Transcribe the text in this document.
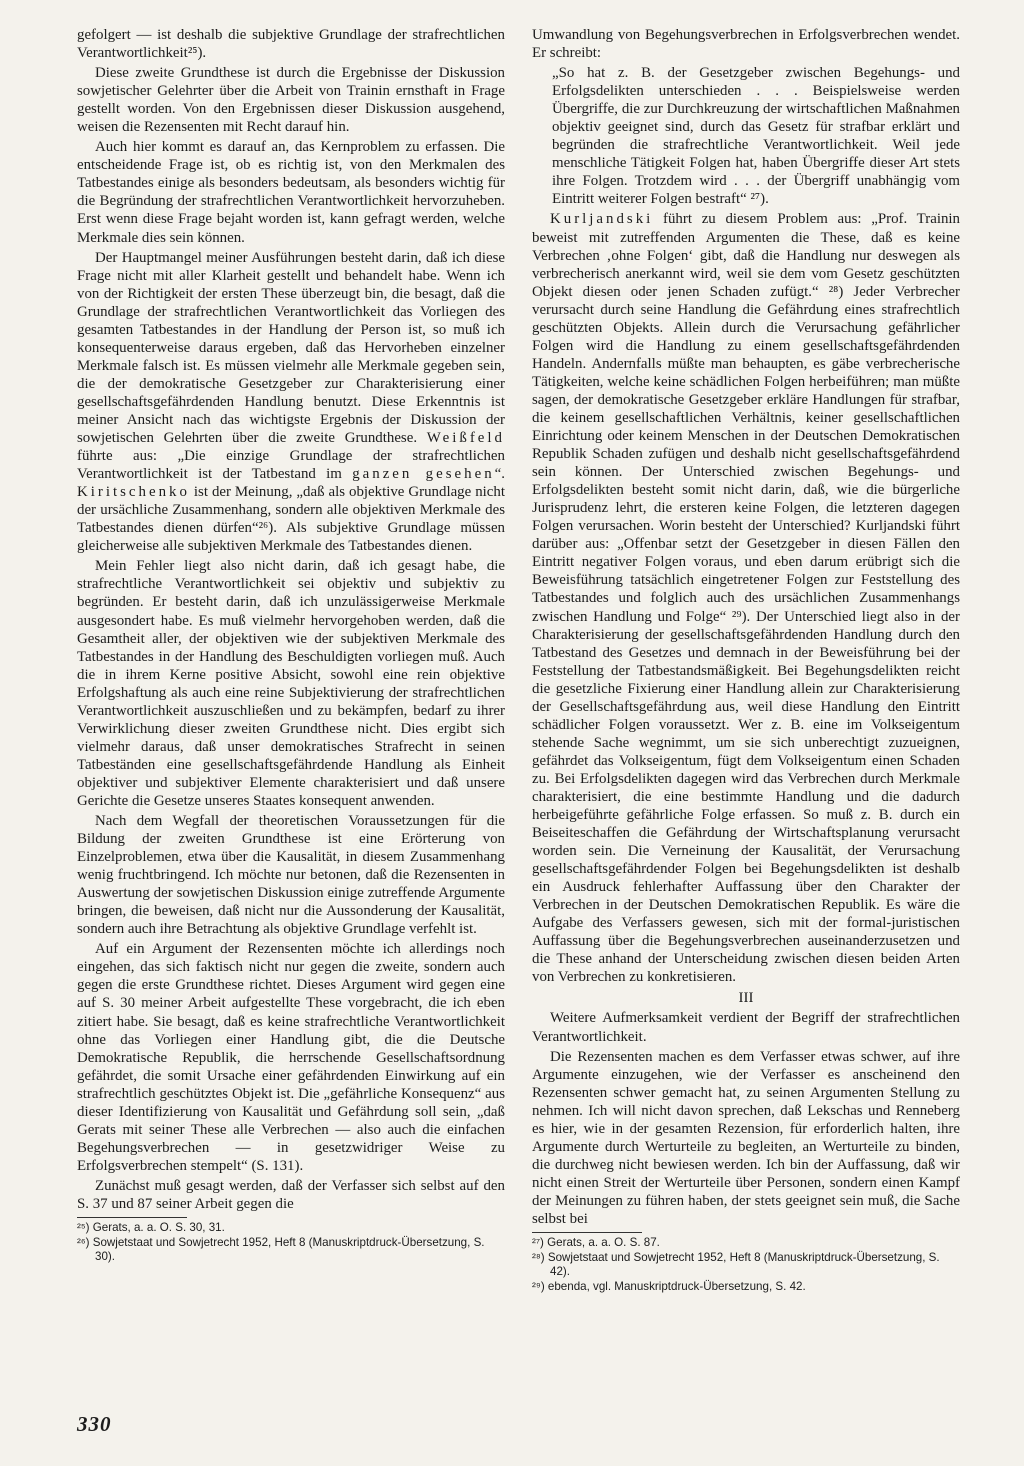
gefolgert — ist deshalb die subjektive Grundlage der strafrechtlichen Verantwortlichkeit²⁵).

Diese zweite Grundthese ist durch die Ergebnisse der Diskussion sowjetischer Gelehrter über die Arbeit von Trainin ernsthaft in Frage gestellt worden. Von den Ergebnissen dieser Diskussion ausgehend, weisen die Rezensenten mit Recht darauf hin.

Auch hier kommt es darauf an, das Kernproblem zu erfassen. Die entscheidende Frage ist, ob es richtig ist, von den Merkmalen des Tatbestandes einige als besonders bedeutsam, als besonders wichtig für die Begründung der strafrechtlichen Verantwortlichkeit hervorzuheben. Erst wenn diese Frage bejaht worden ist, kann gefragt werden, welche Merkmale dies sein können.

Der Hauptmangel meiner Ausführungen besteht darin, daß ich diese Frage nicht mit aller Klarheit gestellt und behandelt habe. Wenn ich von der Richtigkeit der ersten These überzeugt bin, die besagt, daß die Grundlage der strafrechtlichen Verantwortlichkeit das Vorliegen des gesamten Tatbestandes in der Handlung der Person ist, so muß ich konsequenterweise daraus ergeben, daß das Hervorheben einzelner Merkmale falsch ist. Es müssen vielmehr alle Merkmale gegeben sein, die der demokratische Gesetzgeber zur Charakterisierung einer gesellschaftsgefährdenden Handlung benutzt. Diese Erkenntnis ist meiner Ansicht nach das wichtigste Ergebnis der Diskussion der sowjetischen Gelehrten über die zweite Grundthese. Weißfeld führte aus: „Die einzige Grundlage der strafrechtlichen Verantwortlichkeit ist der Tatbestand im ganzen gesehen“. Kiritschenko ist der Meinung, „daß als objektive Grundlage nicht der ursächliche Zusammenhang, sondern alle objektiven Merkmale des Tatbestandes dienen dürfen“²⁶). Als subjektive Grundlage müssen gleicherweise alle subjektiven Merkmale des Tatbestandes dienen.

Mein Fehler liegt also nicht darin, daß ich gesagt habe, die strafrechtliche Verantwortlichkeit sei objektiv und subjektiv zu begründen. Er besteht darin, daß ich unzulässigerweise Merkmale ausgesondert habe. Es muß vielmehr hervorgehoben werden, daß die Gesamtheit aller, der objektiven wie der subjektiven Merkmale des Tatbestandes in der Handlung des Beschuldigten vorliegen muß. Auch die in ihrem Kerne positive Absicht, sowohl eine rein objektive Erfolgshaftung als auch eine reine Subjektivierung der strafrechtlichen Verantwortlichkeit auszuschließen und zu bekämpfen, bedarf zu ihrer Verwirklichung dieser zweiten Grundthese nicht. Dies ergibt sich vielmehr daraus, daß unser demokratisches Strafrecht in seinen Tatbeständen eine gesellschaftsgefährdende Handlung als Einheit objektiver und subjektiver Elemente charakterisiert und daß unsere Gerichte die Gesetze unseres Staates konsequent anwenden.

Nach dem Wegfall der theoretischen Voraussetzungen für die Bildung der zweiten Grundthese ist eine Erörterung von Einzelproblemen, etwa über die Kausalität, in diesem Zusammenhang wenig fruchtbringend. Ich möchte nur betonen, daß die Rezensenten in Auswertung der sowjetischen Diskussion einige zutreffende Argumente bringen, die beweisen, daß nicht nur die Aussonderung der Kausalität, sondern auch ihre Betrachtung als objektive Grundlage verfehlt ist.

Auf ein Argument der Rezensenten möchte ich allerdings noch eingehen, das sich faktisch nicht nur gegen die zweite, sondern auch gegen die erste Grundthese richtet. Dieses Argument wird gegen eine auf S. 30 meiner Arbeit aufgestellte These vorgebracht, die ich eben zitiert habe. Sie besagt, daß es keine strafrechtliche Verantwortlichkeit ohne das Vorliegen einer Handlung gibt, die die Deutsche Demokratische Republik, die herrschende Gesellschaftsordnung gefährdet, die somit Ursache einer gefährdenden Einwirkung auf ein strafrechtlich geschütztes Objekt ist. Die „gefährliche Konsequenz“ aus dieser Identifizierung von Kausalität und Gefährdung soll sein, „daß Gerats mit seiner These alle Verbrechen — also auch die einfachen Begehungsverbrechen — in gesetzwidriger Weise zu Erfolgsverbrechen stempelt“ (S. 131).

Zunächst muß gesagt werden, daß der Verfasser sich selbst auf den S. 37 und 87 seiner Arbeit gegen die

²⁵) Gerats, a. a. O. S. 30, 31.
²⁶) Sowjetstaat und Sowjetrecht 1952, Heft 8 (Manuskriptdruck-Übersetzung, S. 30).

Umwandlung von Begehungsverbrechen in Erfolgsverbrechen wendet. Er schreibt:

„So hat z. B. der Gesetzgeber zwischen Begehungs- und Erfolgsdelikten unterschieden . . . Beispielsweise werden Übergriffe, die zur Durchkreuzung der wirtschaftlichen Maßnahmen objektiv geeignet sind, durch das Gesetz für strafbar erklärt und begründen die strafrechtliche Verantwortlichkeit. Weil jede menschliche Tätigkeit Folgen hat, haben Übergriffe dieser Art stets ihre Folgen. Trotzdem wird . . . der Übergriff unabhängig vom Eintritt weiterer Folgen bestraft“ ²⁷).

Kurljandski führt zu diesem Problem aus: „Prof. Trainin beweist mit zutreffenden Argumenten die These, daß es keine Verbrechen ‚ohne Folgen‘ gibt, daß die Handlung nur deswegen als verbrecherisch anerkannt wird, weil sie dem vom Gesetz geschützten Objekt diesen oder jenen Schaden zufügt.“ ²⁸) Jeder Verbrecher verursacht durch seine Handlung die Gefährdung eines strafrechtlich geschützten Objekts. Allein durch die Verursachung gefährlicher Folgen wird die Handlung zu einem gesellschaftsgefährdenden Handeln. Andernfalls müßte man behaupten, es gäbe verbrecherische Tätigkeiten, welche keine schädlichen Folgen herbeiführen; man müßte sagen, der demokratische Gesetzgeber erkläre Handlungen für strafbar, die keinem gesellschaftlichen Verhältnis, keiner gesellschaftlichen Einrichtung oder keinem Menschen in der Deutschen Demokratischen Republik Schaden zufügen und deshalb nicht gesellschaftsgefährdend sein können. Der Unterschied zwischen Begehungs- und Erfolgsdelikten besteht somit nicht darin, daß, wie die bürgerliche Jurisprudenz lehrt, die ersteren keine Folgen, die letzteren dagegen Folgen verursachen. Worin besteht der Unterschied? Kurljandski führt darüber aus: „Offenbar setzt der Gesetzgeber in diesen Fällen den Eintritt negativer Folgen voraus, und eben darum erübrigt sich die Beweisführung tatsächlich eingetretener Folgen zur Feststellung des Tatbestandes und folglich auch des ursächlichen Zusammenhangs zwischen Handlung und Folge“ ²⁹). Der Unterschied liegt also in der Charakterisierung der gesellschaftsgefährdenden Handlung durch den Tatbestand des Gesetzes und demnach in der Beweisführung bei der Feststellung der Tatbestandsmäßigkeit. Bei Begehungsdelikten reicht die gesetzliche Fixierung einer Handlung allein zur Charakterisierung der Gesellschaftsgefährdung aus, weil diese Handlung den Eintritt schädlicher Folgen voraussetzt. Wer z. B. eine im Volkseigentum stehende Sache wegnimmt, um sie sich unberechtigt zuzueignen, gefährdet das Volkseigentum, fügt dem Volkseigentum einen Schaden zu. Bei Erfolgsdelikten dagegen wird das Verbrechen durch Merkmale charakterisiert, die eine bestimmte Handlung und die dadurch herbeigeführte gefährliche Folge erfassen. So muß z. B. durch ein Beiseiteschaffen die Gefährdung der Wirtschaftsplanung verursacht worden sein. Die Verneinung der Kausalität, der Verursachung gesellschaftsgefährdender Folgen bei Begehungsdelikten ist deshalb ein Ausdruck fehlerhafter Auffassung über den Charakter der Verbrechen in der Deutschen Demokratischen Republik. Es wäre die Aufgabe des Verfassers gewesen, sich mit der formal-juristischen Auffassung über die Begehungsverbrechen auseinanderzusetzen und die These anhand der Unterscheidung zwischen diesen beiden Arten von Verbrechen zu konkretisieren.

III

Weitere Aufmerksamkeit verdient der Begriff der strafrechtlichen Verantwortlichkeit.

Die Rezensenten machen es dem Verfasser etwas schwer, auf ihre Argumente einzugehen, wie der Verfasser es anscheinend den Rezensenten schwer gemacht hat, zu seinen Argumenten Stellung zu nehmen. Ich will nicht davon sprechen, daß Lekschas und Renneberg es hier, wie in der gesamten Rezension, für erforderlich halten, ihre Argumente durch Werturteile zu begleiten, an Werturteile zu binden, die durchweg nicht bewiesen werden. Ich bin der Auffassung, daß wir nicht einen Streit der Werturteile über Personen, sondern einen Kampf der Meinungen zu führen haben, der stets geeignet sein muß, die Sache selbst bei

²⁷) Gerats, a. a. O. S. 87.
²⁸) Sowjetstaat und Sowjetrecht 1952, Heft 8 (Manuskriptdruck-Übersetzung, S. 42).
²⁹) ebenda, vgl. Manuskriptdruck-Übersetzung, S. 42.
330
